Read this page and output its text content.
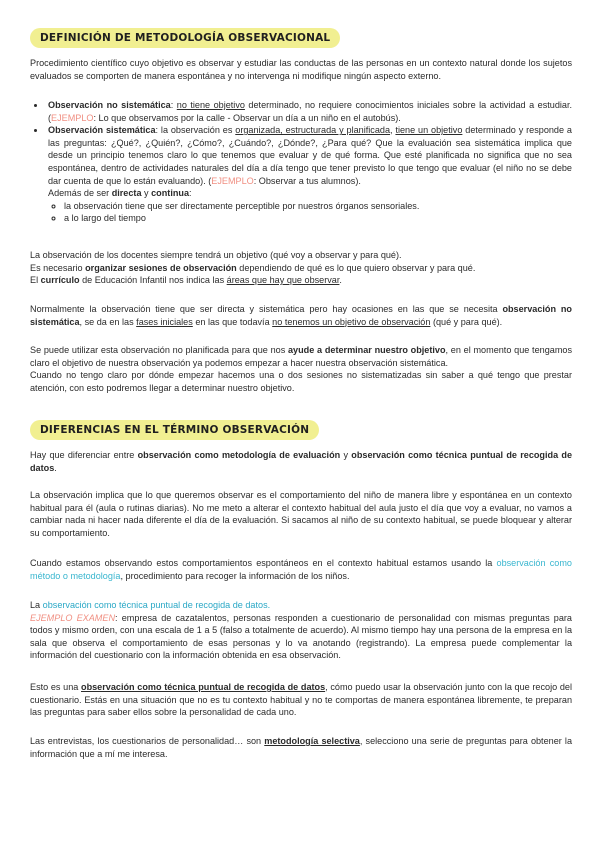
DEFINICIÓN DE METODOLOGÍA OBSERVACIONAL

Procedimiento científico cuyo objetivo es observar y estudiar las conductas de las personas en un contexto natural donde los sujetos evaluados se comporten de manera espontánea y no intervenga ni modifique ningún aspecto externo.

• Observación no sistemática: no tiene objetivo determinado, no requiere conocimientos iniciales sobre la actividad a estudiar. (EJEMPLO: Lo que observamos por la calle - Observar un día a un niño en el autobús).
• Observación sistemática: la observación es organizada, estructurada y planificada, tiene un objetivo determinado y responde a las preguntas: ¿Qué?, ¿Quién?, ¿Cómo?, ¿Cuándo?, ¿Dónde?, ¿Para qué? Que la evaluación sea sistemática implica que desde un principio tenemos claro lo que tenemos que evaluar y de qué forma. Que esté planificada no significa que no sea espontánea, dentro de actividades naturales del día a día tengo que tener previsto lo que tengo que evaluar (el niño no se debe dar cuenta de que lo están evaluando). (EJEMPLO: Observar a tus alumnos).
Además de ser directa y continua:
◦ la observación tiene que ser directamente perceptible por nuestros órganos sensoriales.
◦ a lo largo del tiempo

La observación de los docentes siempre tendrá un objetivo (qué voy a observar y para qué).

Es necesario organizar sesiones de observación dependiendo de qué es lo que quiero observar y para qué.

El currículo de Educación Infantil nos indica las áreas que hay que observar.

Normalmente la observación tiene que ser directa y sistemática pero hay ocasiones en las que se necesita observación no sistemática, se da en las fases iniciales en las que todavía no tenemos un objetivo de observación (qué y para qué).

Se puede utilizar esta observación no planificada para que nos ayude a determinar nuestro objetivo, en el momento que tengamos claro el objetivo de nuestra observación ya podemos empezar a hacer nuestra observación sistemática.

Cuando no tengo claro por dónde empezar hacemos una o dos sesiones no sistematizadas sin saber a qué tengo que prestar atención, con esto podremos llegar a determinar nuestro objetivo.

DIFERENCIAS EN EL TÉRMINO OBSERVACIÓN

Hay que diferenciar entre observación como metodología de evaluación y observación como técnica puntual de recogida de datos.

La observación implica que lo que queremos observar es el comportamiento del niño de manera libre y espontánea en un contexto habitual para él (aula o rutinas diarias). No me meto a alterar el contexto habitual del aula justo el día que voy a evaluar, no vamos a cambiar nada ni hacer nada diferente el día de la evaluación. Si sacamos al niño de su contexto habitual, se puede bloquear y alterar su comportamiento.

Cuando estamos observando estos comportamientos espontáneos en el contexto habitual estamos usando la observación como método o metodología, procedimiento para recoger la información de los niños.

La observación como técnica puntual de recogida de datos.
EJEMPLO EXAMEN: empresa de cazatalentos, personas responden a cuestionario de personalidad con mismas preguntas para todos y mismo orden, con una escala de 1 a 5 (falso a totalmente de acuerdo). Al mismo tiempo hay una persona de la empresa en la sala que observa el comportamiento de esas personas y lo va anotando (registrando). La empresa puede complementar la información del cuestionario con la información obtenida en esa observación.

Esto es una observación como técnica puntual de recogida de datos, cómo puedo usar la observación junto con la que recojo del cuestionario. Estás en una situación que no es tu contexto habitual y no te comportas de manera espontánea libremente, te preparan las preguntas para saber ellos sobre la personalidad de cada uno.

Las entrevistas, los cuestionarios de personalidad… son metodología selectiva, selecciono una serie de preguntas para obtener la información que a mí me interesa.
